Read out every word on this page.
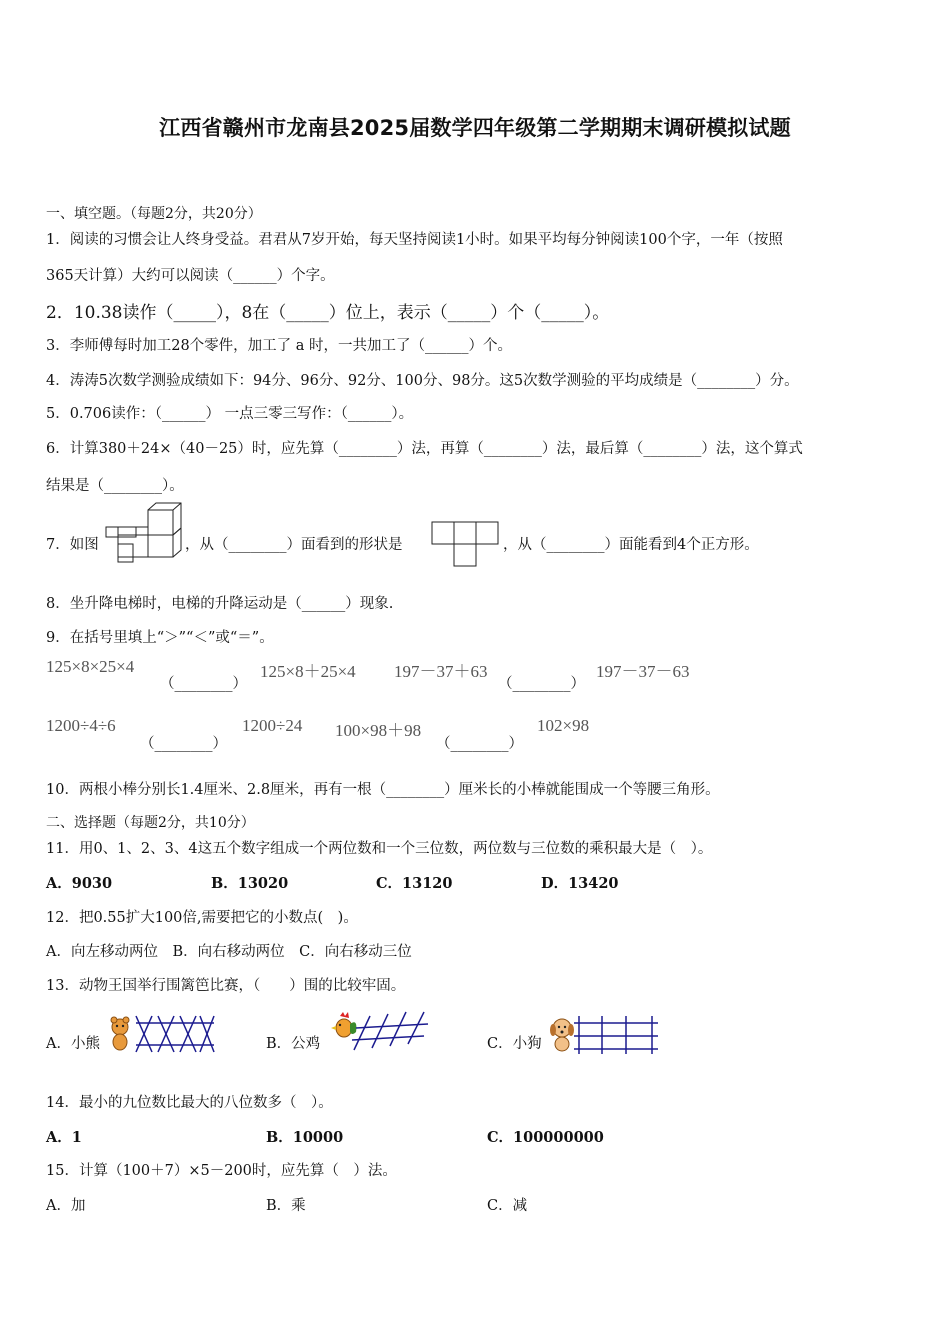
江西省赣州市龙南县2025届数学四年级第二学期期末调研模拟试题
一、填空题。（每题2分，共20分）
1．阅读的习惯会让人终身受益。君君从7岁开始，每天坚持阅读1小时。如果平均每分钟阅读100个字，一年（按照
365天计算）大约可以阅读（______）个字。
2．10.38读作（_____），8在（_____）位上，表示（_____）个（_____）。
3．李师傅每时加工28个零件，加工了 a 时，一共加工了（______）个。
4．涛涛5次数学测验成绩如下：94分、96分、92分、100分、98分。这5次数学测验的平均成绩是（________）分。
5．0.706读作：（______） 一点三零三写作：（______）。
6．计算380＋24×（40－25）时，应先算（________）法，再算（________）法，最后算（________）法，这个算式
结果是（________）。
7．如图	，从（________）面看到的形状是	，从（________）面能看到4个正方形。
8．坐升降电梯时，电梯的升降运动是（______）现象.
9．在括号里填上“＞”“＜”或“＝”。
125×8×25×4
（________）
125×8＋25×4 197－37＋63
（________）
197－37－63
1200÷4÷6
（________）
1200÷24 100×98＋98
（________）
102×98
10．两根小棒分别长1.4厘米、2.8厘米，再有一根（________）厘米长的小棒就能围成一个等腰三角形。
二、选择题（每题2分，共10分）
11．用0、1、2、3、4这五个数字组成一个两位数和一个三位数，两位数与三位数的乘积最大是（　）。
A．9030	B．13020	C．13120	D．13420
12．把0.55扩大100倍,需要把它的小数点(　)。
A．向左移动两位　B．向右移动两位　C．向右移动三位
13．动物王国举行围篱笆比赛，（　　）围的比较牢固。
A．小熊	B．公鸡	C．小狗
14．最小的九位数比最大的八位数多（　）。
A．1	B．10000	C．100000000
15．计算（100＋7）×5－200时，应先算（　）法。
A．加	B．乘	C．减
